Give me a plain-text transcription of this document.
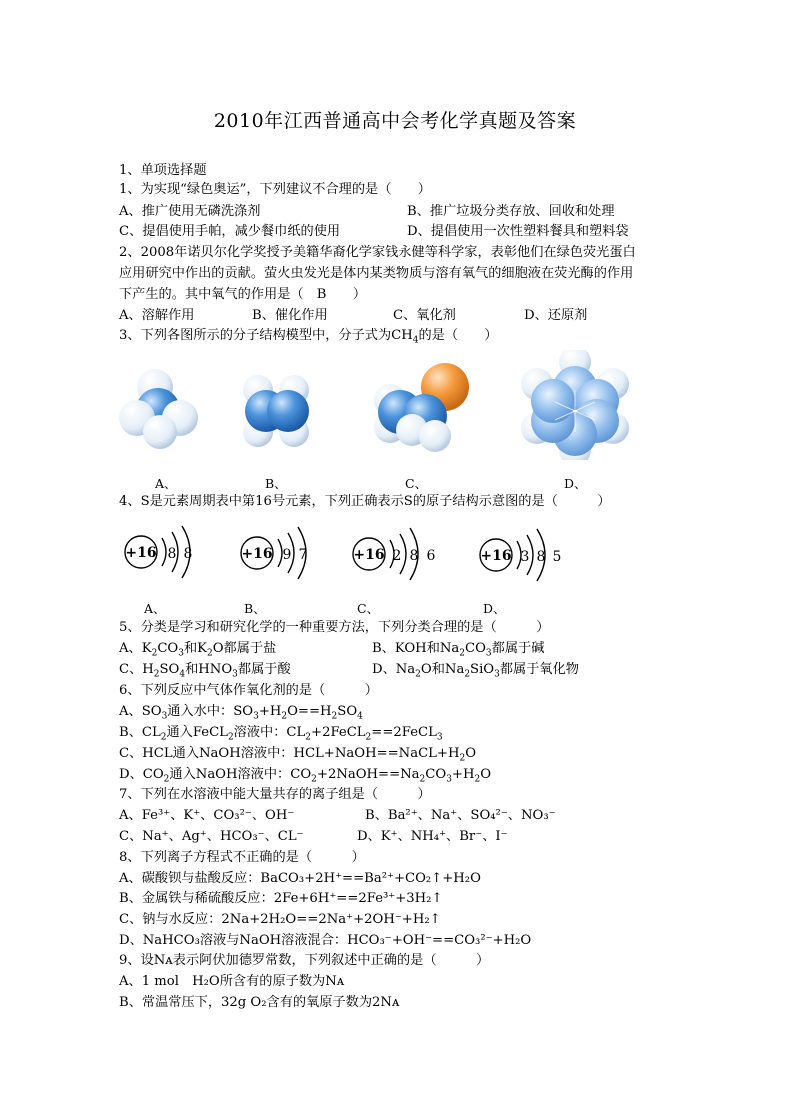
2010年江西普通高中会考化学真题及答案
1、单项选择题
1、为实现“绿色奥运”，下列建议不合理的是（　　）
A、推广使用无磷洗涤剂	B、推广垃圾分类存放、回收和处理
C、提倡使用手帕，减少餐巾纸的使用	D、提倡使用一次性塑料餐具和塑料袋
2、2008年诺贝尔化学奖授予美籍华裔化学家钱永健等科学家，表彰他们在绿色荧光蛋白
应用研究中作出的贡献。萤火虫发光是体内某类物质与溶有氧气的细胞液在荧光酶的作用
下产生的。其中氧气的作用是（　B　　）
A、溶解作用	B、催化作用	C、氧化剂	D、还原剂
3、下列各图所示的分子结构模型中，分子式为$CH_4$的是（　　）
A、	B、	C、	D、
4、S是元素周期表中第16号元素，下列正确表示S的原子结构示意图的是（　　　）
+16	+16	+16	+16
8 8	9 7	2 8 6	3 8 5
A、	B、	C、	D、
5、分类是学习和研究化学的一种重要方法，下列分类合理的是（　　　）
A、$K_2CO_3$和$K_2O$都属于盐	B、KOH和$Na_2CO_3$都属于碱
C、$H_2SO_4$和$HNO_3$都属于酸	D、$Na_2O$和$Na_2SiO_3$都属于氧化物
6、下列反应中气体作氧化剂的是（　　　）
A、$SO_3$通入水中：$SO_3+H_2O==H_2SO_4$
B、$CL_2$通入FeCL$_2$溶液中：$CL_2+2FeCL_2==2FeCL_3$
C、HCL通入NaOH溶液中：$HCL+NaOH==NaCL+H_2O$
D、$CO_2$通入NaOH溶液中：$CO_2+2NaOH==Na_2CO_3+H_2O$
7、下列在水溶液中能大量共存的离子组是（　　　）
A、Fe³⁺、K⁺、CO₃²⁻、OH⁻	B、Ba²⁺、Na⁺、SO₄²⁻、NO₃⁻
C、Na⁺、Ag⁺、HCO₃⁻、CL⁻	D、K⁺、NH₄⁺、Br⁻、I⁻
8、下列离子方程式不正确的是（　　　）
A、碳酸钡与盐酸反应：BaCO₃+2H⁺==Ba²⁺+CO₂↑+H₂O
B、金属铁与稀硫酸反应：2Fe+6H⁺==2Fe³⁺+3H₂↑
C、钠与水反应：2Na+2H₂O==2Na⁺+2OH⁻+H₂↑
D、NaHCO₃溶液与NaOH溶液混合：HCO₃⁻+OH⁻==CO₃²⁻+H₂O
9、设Nᴀ表示阿伏加德罗常数，下列叙述中正确的是（　　　）
A、1 mol　H₂O所含有的原子数为Nᴀ
B、常温常压下，32g O₂含有的氧原子数为2Nᴀ
